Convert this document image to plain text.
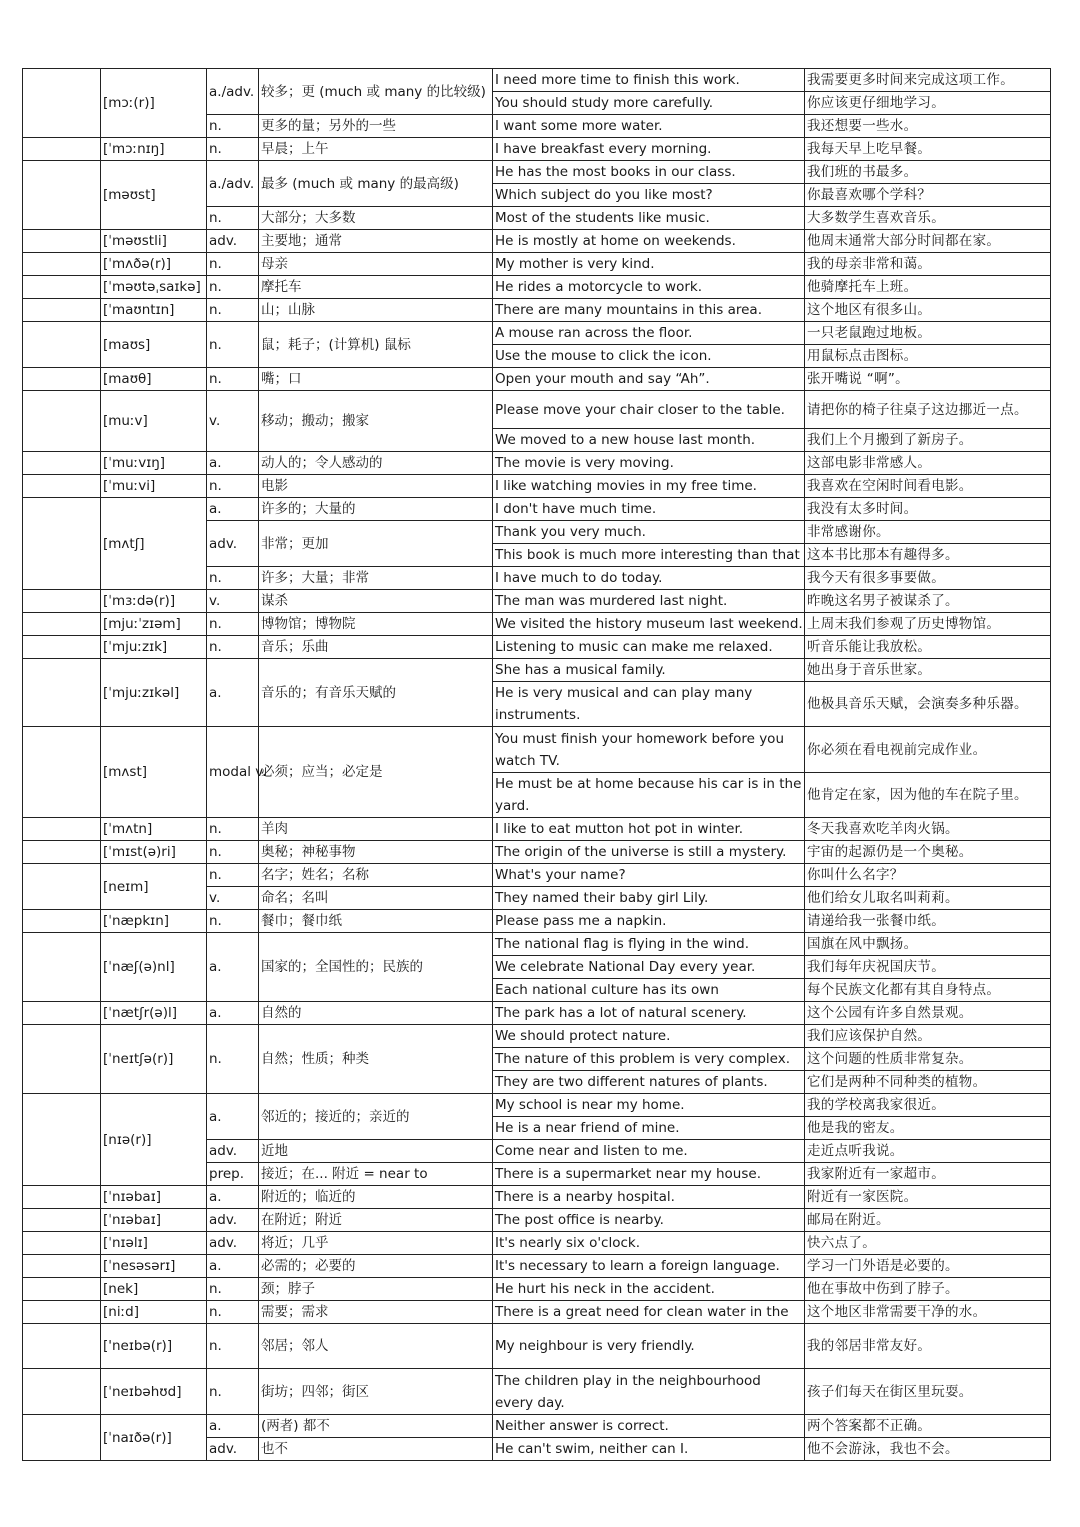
	[mɔː(r)]	a./adv.	较多；更 (much 或 many 的比较级)	I need more time to finish this work.	我需要更多时间来完成这项工作。
				You should study more carefully.	你应该更仔细地学习。
		n.	更多的量；另外的一些	I want some more water.	我还想要一些水。
	[ˈmɔːnɪŋ]	n.	早晨；上午	I have breakfast every morning.	我每天早上吃早餐。
	[məʊst]	a./adv.	最多 (much 或 many 的最高级)	He has the most books in our class.	我们班的书最多。
				Which subject do you like most?	你最喜欢哪个学科？
		n.	大部分；大多数	Most of the students like music.	大多数学生喜欢音乐。
	[ˈməʊstli]	adv.	主要地；通常	He is mostly at home on weekends.	他周末通常大部分时间都在家。
	[ˈmʌðə(r)]	n.	母亲	My mother is very kind.	我的母亲非常和蔼。
	[ˈməʊtəˌsaɪkə]	n.	摩托车	He rides a motorcycle to work.	他骑摩托车上班。
	[ˈmaʊntɪn]	n.	山；山脉	There are many mountains in this area.	这个地区有很多山。
	[maʊs]	n.	鼠；耗子；(计算机) 鼠标	A mouse ran across the floor.	一只老鼠跑过地板。
				Use the mouse to click the icon.	用鼠标点击图标。
	[maʊθ]	n.	嘴；口	Open your mouth and say “Ah”.	张开嘴说 “啊”。
	[muːv]	v.	移动；搬动；搬家	Please move your chair closer to the table.	请把你的椅子往桌子这边挪近一点。
				We moved to a new house last month.	我们上个月搬到了新房子。
	[ˈmuːvɪŋ]	a.	动人的；令人感动的	The movie is very moving.	这部电影非常感人。
	[ˈmuːvi]	n.	电影	I like watching movies in my free time.	我喜欢在空闲时间看电影。
	[mʌtʃ]	a.	许多的；大量的	I don't have much time.	我没有太多时间。
		adv.	非常；更加	Thank you very much.	非常感谢你。
				This book is much more interesting than that	这本书比那本有趣得多。
		n.	许多；大量；非常	I have much to do today.	我今天有很多事要做。
	[ˈmɜːdə(r)]	v.	谋杀	The man was murdered last night.	昨晚这名男子被谋杀了。
	[mjuːˈzɪəm]	n.	博物馆；博物院	We visited the history museum last weekend.	上周末我们参观了历史博物馆。
	[ˈmjuːzɪk]	n.	音乐；乐曲	Listening to music can make me relaxed.	听音乐能让我放松。
	[ˈmjuːzɪkəl]	a.	音乐的；有音乐天赋的	She has a musical family.	她出身于音乐世家。
				He is very musical and can play many instruments.	他极具音乐天赋，会演奏多种乐器。
	[mʌst]	modal v.	必须；应当；必定是	You must finish your homework before you watch TV.	你必须在看电视前完成作业。
				He must be at home because his car is in the yard.	他肯定在家，因为他的车在院子里。
	[ˈmʌtn]	n.	羊肉	I like to eat mutton hot pot in winter.	冬天我喜欢吃羊肉火锅。
	[ˈmɪst(ə)ri]	n.	奥秘；神秘事物	The origin of the universe is still a mystery.	宇宙的起源仍是一个奥秘。
	[neɪm]	n.	名字；姓名；名称	What's your name?	你叫什么名字？
		v.	命名；名叫	They named their baby girl Lily.	他们给女儿取名叫莉莉。
	[ˈnæpkɪn]	n.	餐巾；餐巾纸	Please pass me a napkin.	请递给我一张餐巾纸。
	[ˈnæʃ(ə)nl]	a.	国家的；全国性的；民族的	The national flag is flying in the wind.	国旗在风中飘扬。
				We celebrate National Day every year.	我们每年庆祝国庆节。
				Each national culture has its own	每个民族文化都有其自身特点。
	[ˈnætʃr(ə)l]	a.	自然的	The park has a lot of natural scenery.	这个公园有许多自然景观。
	[ˈneɪtʃə(r)]	n.	自然；性质；种类	We should protect nature.	我们应该保护自然。
				The nature of this problem is very complex.	这个问题的性质非常复杂。
				They are two different natures of plants.	它们是两种不同种类的植物。
	[nɪə(r)]	a.	邻近的；接近的；亲近的	My school is near my home.	我的学校离我家很近。
				He is a near friend of mine.	他是我的密友。
		adv.	近地	Come near and listen to me.	走近点听我说。
		prep.	接近；在... 附近 = near to	There is a supermarket near my house.	我家附近有一家超市。
	[ˈnɪəbaɪ]	a.	附近的；临近的	There is a nearby hospital.	附近有一家医院。
	[ˈnɪəbaɪ]	adv.	在附近；附近	The post office is nearby.	邮局在附近。
	[ˈnɪəlɪ]	adv.	将近；几乎	It's nearly six o'clock.	快六点了。
	[ˈnesəsərɪ]	a.	必需的；必要的	It's necessary to learn a foreign language.	学习一门外语是必要的。
	[nek]	n.	颈；脖子	He hurt his neck in the accident.	他在事故中伤到了脖子。
	[niːd]	n.	需要；需求	There is a great need for clean water in the	这个地区非常需要干净的水。
	['neɪbə(r)]	n.	邻居；邻人	My neighbour is very friendly.	我的邻居非常友好。
	[ˈneɪbəhʊd]	n.	街坊；四邻；街区	The children play in the neighbourhood every day.	孩子们每天在街区里玩耍。
	[ˈnaɪðə(r)]	a.	(两者) 都不	Neither answer is correct.	两个答案都不正确。
		adv.	也不	He can't swim, neither can I.	他不会游泳，我也不会。
